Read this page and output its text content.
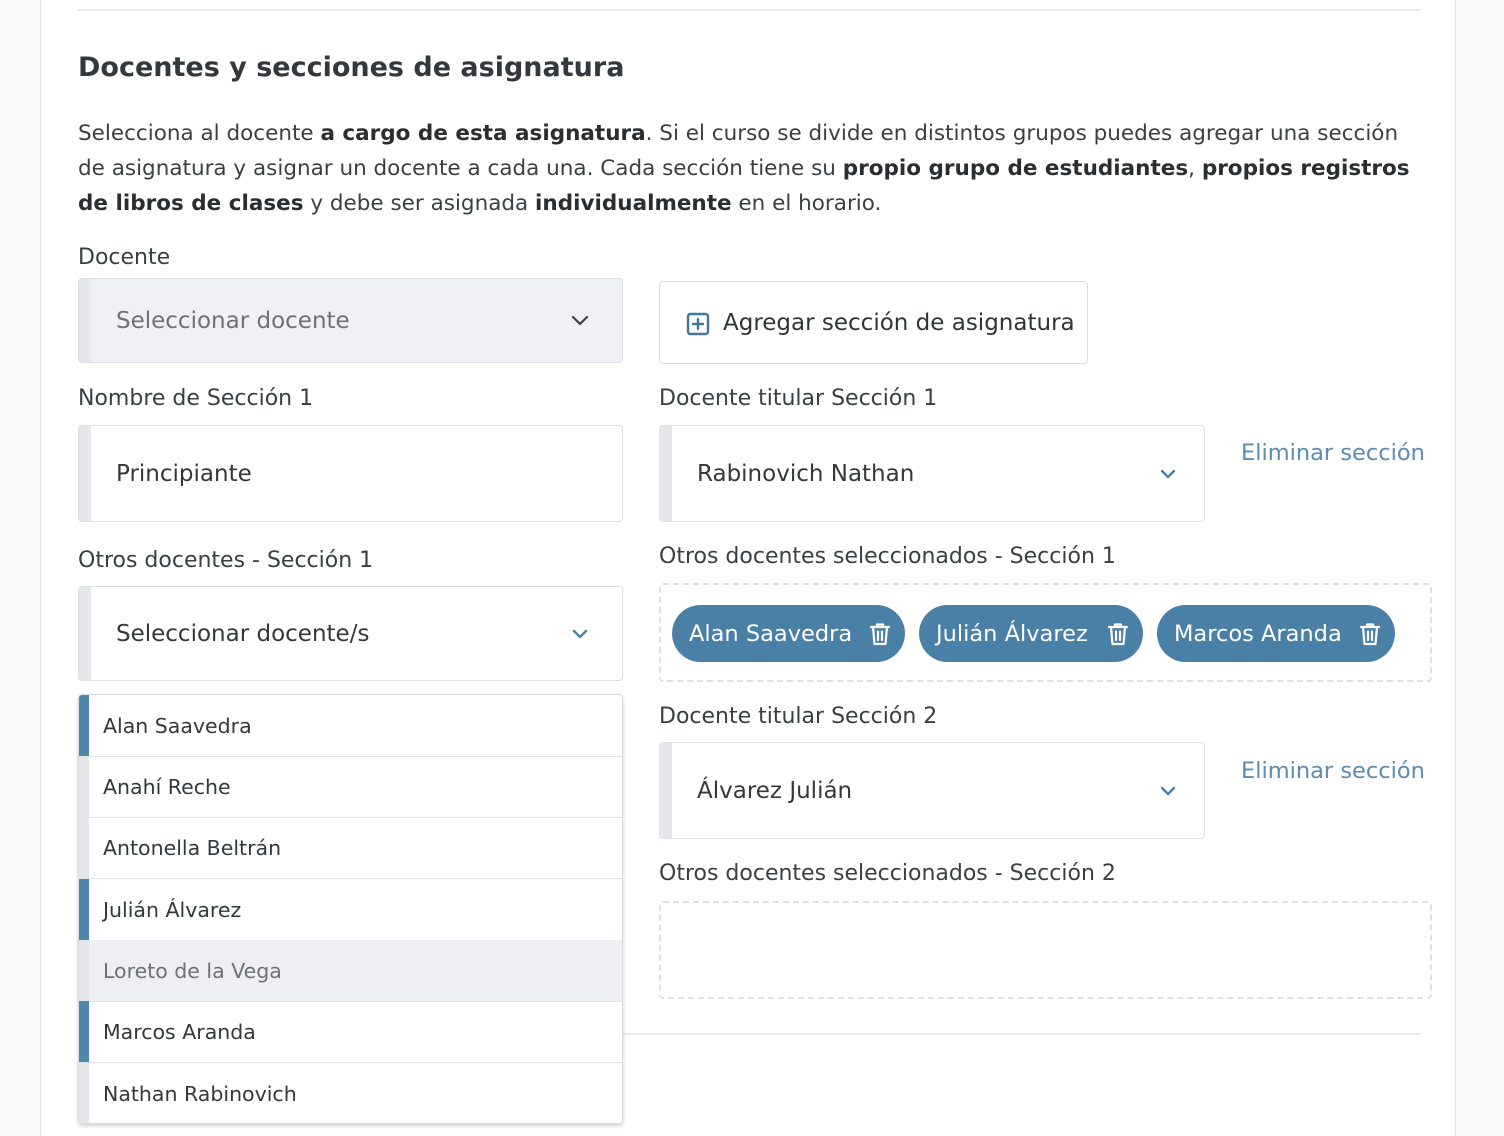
Docentes y secciones de asignatura

Selecciona al docente a cargo de esta asignatura. Si el curso se divide en distintos grupos puedes agregar una sección de asignatura y asignar un docente a cada una. Cada sección tiene su propio grupo de estudiantes, propios registros de libros de clases y debe ser asignada individualmente en el horario.

Docente
Seleccionar docente	Agregar sección de asignatura
Nombre de Sección 1
Principiante
Docente titular Sección 1
Rabinovich Nathan
Eliminar sección
Otros docentes - Sección 1
Seleccionar docente/s
Otros docentes seleccionados - Sección 1
Alan Saavedra	Julián Álvarez	Marcos Aranda
Docente titular Sección 2
Álvarez Julián
Eliminar sección
Otros docentes seleccionados - Sección 2
Alan Saavedra
Anahí Reche
Antonella Beltrán
Julián Álvarez
Loreto de la Vega
Marcos Aranda
Nathan Rabinovich
